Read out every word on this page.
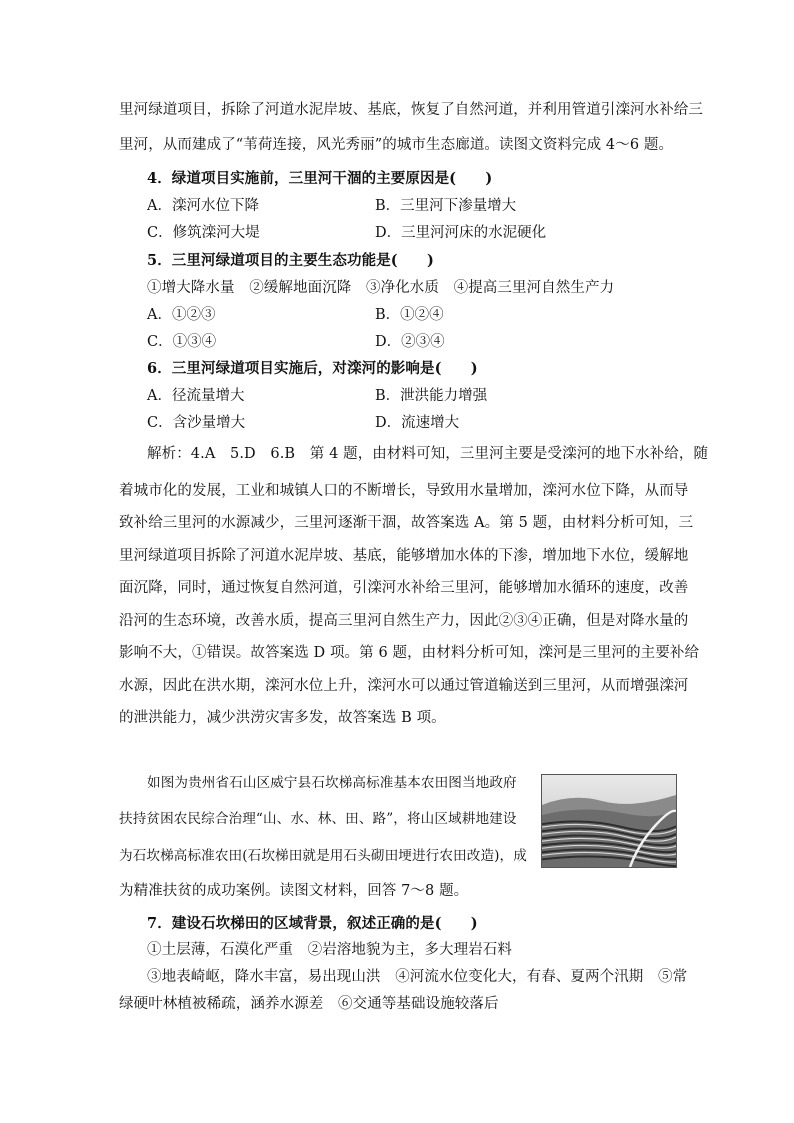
里河绿道项目，拆除了河道水泥岸坡、基底，恢复了自然河道，并利用管道引滦河水补给三
里河，从而建成了“苇荷连接，风光秀丽”的城市生态廊道。读图文资料完成 4～6 题。
4．绿道项目实施前，三里河干涸的主要原因是(　　)
A．滦河水位下降	B．三里河下渗量增大
C．修筑滦河大堤	D．三里河河床的水泥硬化
5．三里河绿道项目的主要生态功能是(　　)
①增大降水量　②缓解地面沉降　③净化水质　④提高三里河自然生产力
A．①②③	B．①②④
C．①③④	D．②③④
6．三里河绿道项目实施后，对滦河的影响是(　　)
A．径流量增大	B．泄洪能力增强
C．含沙量增大	D．流速增大
解析：4.A　5.D　6.B　第 4 题，由材料可知，三里河主要是受滦河的地下水补给，随
着城市化的发展，工业和城镇人口的不断增长，导致用水量增加，滦河水位下降，从而导
致补给三里河的水源减少，三里河逐渐干涸，故答案选 A。第 5 题，由材料分析可知，三
里河绿道项目拆除了河道水泥岸坡、基底，能够增加水体的下渗，增加地下水位，缓解地
面沉降，同时，通过恢复自然河道，引滦河水补给三里河，能够增加水循环的速度，改善
沿河的生态环境，改善水质，提高三里河自然生产力，因此②③④正确，但是对降水量的
影响不大，①错误。故答案选 D 项。第 6 题，由材料分析可知，滦河是三里河的主要补给
水源，因此在洪水期，滦河水位上升，滦河水可以通过管道输送到三里河，从而增强滦河
的泄洪能力，减少洪涝灾害多发，故答案选 B 项。
如图为贵州省石山区威宁县石坎梯高标准基本农田图当地政府
扶持贫困农民综合治理“山、水、林、田、路”，将山区域耕地建设
为石坎梯高标准农田(石坎梯田就是用石头砌田埂进行农田改造)，成
为精准扶贫的成功案例。读图文材料，回答 7～8 题。
7．建设石坎梯田的区域背景，叙述正确的是(　　)
①土层薄，石漠化严重　②岩溶地貌为主，多大理岩石料
③地表崎岖，降水丰富，易出现山洪　④河流水位变化大，有春、夏两个汛期　⑤常
绿硬叶林植被稀疏，涵养水源差　⑥交通等基础设施较落后
